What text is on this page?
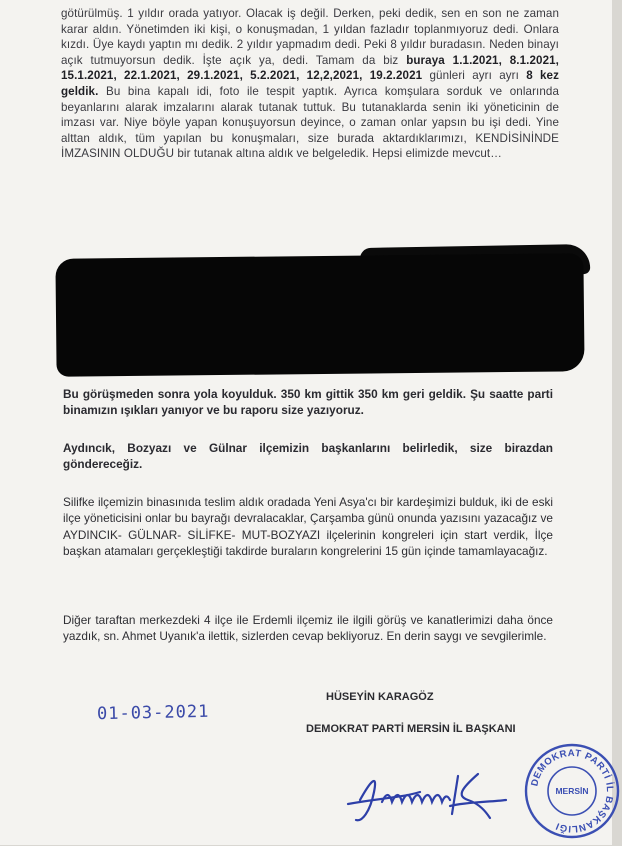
götürülmüş. 1 yıldır orada yatıyor. Olacak iş değil. Derken, peki dedik, sen en son ne zaman karar aldın. Yönetimden iki kişi, o konuşmadan, 1 yıldan fazladır toplanmıyoruz dedi. Onlara kızdı. Üye kaydı yaptın mı dedik. 2 yıldır yapmadım dedi. Peki 8 yıldır buradasın. Neden binayı açık tutmuyorsun dedik. İşte açık ya, dedi. Tamam da biz buraya 1.1.2021, 8.1.2021, 15.1.2021, 22.1.2021, 29.1.2021, 5.2.2021, 12,2,2021, 19.2.2021 günleri ayrı ayrı 8 kez geldik. Bu bina kapalı idi, foto ile tespit yaptık. Ayrıca komşulara sorduk ve onlarında beyanlarını alarak imzalarını alarak tutanak tuttuk. Bu tutanaklarda senin iki yöneticinin de imzası var. Niye böyle yapan konuşuyorsun deyince, o zaman onlar yapsın bu işi dedi. Yine alttan aldık, tüm yapılan bu konuşmaları, size burada aktardıklarımızı, KENDİSİNİNDE İMZASININ OLDUĞU bir tutanak altına aldık ve belgeledik. Hepsi elimizde mevcut…
Bu görüşmeden sonra yola koyulduk. 350 km gittik 350 km geri geldik. Şu saatte parti binamızın ışıkları yanıyor ve bu raporu size yazıyoruz.
Aydıncık, Bozyazı ve Gülnar ilçemizin başkanlarını belirledik, size birazdan göndereceğiz.
Silifke ilçemizin binasınıda teslim aldık oradada Yeni Asya'cı bir kardeşimizi bulduk, iki de eski ilçe yöneticisini onlar bu bayrağı devralacaklar, Çarşamba günü onunda yazısını yazacağız ve AYDINCIK- GÜLNAR- SİLİFKE- MUT-BOZYAZI ilçelerinin kongreleri için start verdik, İlçe başkan atamaları gerçekleştiği takdirde buraların kongrelerini 15 gün içinde tamamlayacağız.
Diğer taraftan merkezdeki 4 ilçe ile Erdemli ilçemiz ile ilgili görüş ve kanatlerimizi daha önce yazdık, sn. Ahmet Uyanık'a ilettik, sizlerden cevap bekliyoruz. En derin saygı ve sevgilerimle.
01-03-2021
HÜSEYİN KARAGÖZ
DEMOKRAT PARTİ MERSİN İL BAŞKANI
DEMOKRAT PARTİ İL BAŞKANLIĞI
MERSİN
